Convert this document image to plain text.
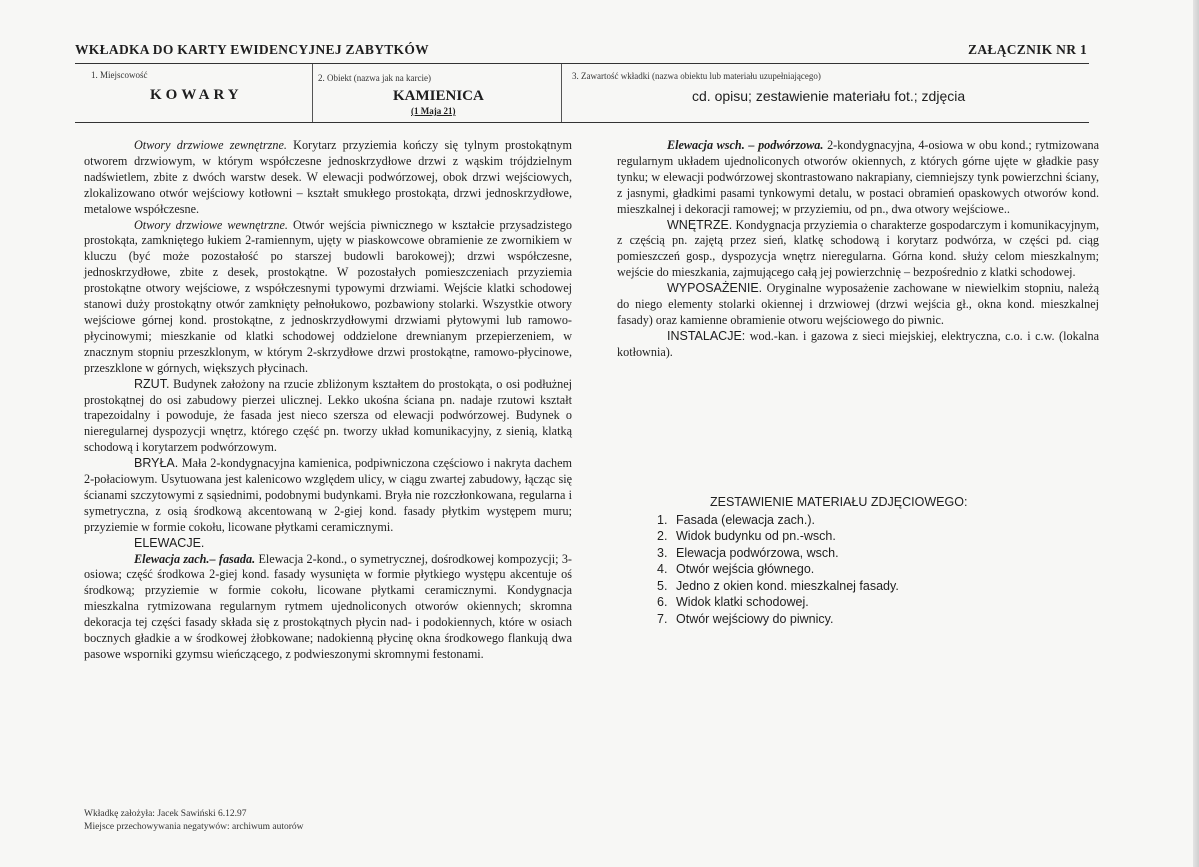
WKŁADKA DO KARTY EWIDENCYJNEJ ZABYTKÓW	ZAŁĄCZNIK NR 1
1. Miejscowość
KOWARY
2. Obiekt (nazwa jak na karcie)
KAMIENICA
(1 Maja 21)
3. Zawartość wkładki (nazwa obiektu lub materiału uzupełniającego)
cd. opisu; zestawienie materiału fot.; zdjęcia

Otwory drzwiowe zewnętrzne. Korytarz przyziemia kończy się tylnym prostokątnym otworem drzwiowym, w którym współczesne jednoskrzydłowe drzwi z wąskim trójdzielnym nadświetlem, zbite z dwóch warstw desek. W elewacji podwórzowej, obok drzwi wejściowych, zlokalizowano otwór wejściowy kotłowni – kształt smukłego prostokąta, drzwi jednoskrzydłowe, metalowe współczesne.

Otwory drzwiowe wewnętrzne. Otwór wejścia piwnicznego w kształcie przysadzistego prostokąta, zamkniętego łukiem 2-ramiennym, ujęty w piaskowcowe obramienie ze zwornikiem w kluczu (być może pozostałość po starszej budowli barokowej); drzwi współczesne, jednoskrzydłowe, zbite z desek, prostokątne. W pozostałych pomieszczeniach przyziemia prostokątne otwory wejściowe, z współczesnymi typowymi drzwiami. Wejście klatki schodowej stanowi duży prostokątny otwór zamknięty pełnołukowo, pozbawiony stolarki. Wszystkie otwory wejściowe górnej kond. prostokątne, z jednoskrzydłowymi drzwiami płytowymi lub ramowo-płycinowymi; mieszkanie od klatki schodowej oddzielone drewnianym przepierzeniem, w znacznym stopniu przeszklonym, w którym 2-skrzydłowe drzwi prostokątne, ramowo-płycinowe, przeszklone w górnych, większych płycinach.

RZUT. Budynek założony na rzucie zbliżonym kształtem do prostokąta, o osi podłużnej prostokątnej do osi zabudowy pierzei ulicznej. Lekko ukośna ściana pn. nadaje rzutowi kształt trapezoidalny i powoduje, że fasada jest nieco szersza od elewacji podwórzowej. Budynek o nieregularnej dyspozycji wnętrz, którego część pn. tworzy układ komunikacyjny, z sienią, klatką schodową i korytarzem podwórzowym.

BRYŁA. Mała 2-kondygnacyjna kamienica, podpiwniczona częściowo i nakryta dachem 2-połaciowym. Usytuowana jest kalenicowo względem ulicy, w ciągu zwartej zabudowy, łącząc się ścianami szczytowymi z sąsiednimi, podobnymi budynkami. Bryła nie rozczłonkowana, regularna i symetryczna, z osią środkową akcentowaną w 2-giej kond. fasady płytkim występem muru; przyziemie w formie cokołu, licowane płytkami ceramicznymi.

ELEWACJE.

Elewacja zach.– fasada. Elewacja 2-kond., o symetrycznej, dośrodkowej kompozycji; 3-osiowa; część środkowa 2-giej kond. fasady wysunięta w formie płytkiego występu akcentuje oś środkową; przyziemie w formie cokołu, licowane płytkami ceramicznymi. Kondygnacja mieszkalna rytmizowana regularnym rytmem ujednoliconych otworów okiennych; skromna dekoracja tej części fasady składa się z prostokątnych płycin nad- i podokiennych, które w osiach bocznych gładkie a w środkowej żłobkowane; nadokienną płycinę okna środkowego flankują dwa pasowe wsporniki gzymsu wieńczącego, z podwieszonymi skromnymi festonami.

Elewacja wsch. – podwórzowa. 2-kondygnacyjna, 4-osiowa w obu kond.; rytmizowana regularnym układem ujednoliconych otworów okiennych, z których górne ujęte w gładkie pasy tynku; w elewacji podwórzowej skontrastowano nakrapiany, ciemniejszy tynk powierzchni ściany, z jasnymi, gładkimi pasami tynkowymi detalu, w postaci obramień opaskowych otworów kond. mieszkalnej i dekoracji ramowej; w przyziemiu, od pn., dwa otwory wejściowe..

WNĘTRZE. Kondygnacja przyziemia o charakterze gospodarczym i komunikacyjnym, z częścią pn. zajętą przez sień, klatkę schodową i korytarz podwórza, w części pd. ciąg pomieszczeń gosp., dyspozycja wnętrz nieregularna. Górna kond. służy celom mieszkalnym; wejście do mieszkania, zajmującego całą jej powierzchnię – bezpośrednio z klatki schodowej.

WYPOSAŻENIE. Oryginalne wyposażenie zachowane w niewielkim stopniu, należą do niego elementy stolarki okiennej i drzwiowej (drzwi wejścia gł., okna kond. mieszkalnej fasady) oraz kamienne obramienie otworu wejściowego do piwnic.

INSTALACJE: wod.-kan. i gazowa z sieci miejskiej, elektryczna, c.o. i c.w. (lokalna kotłownia).

ZESTAWIENIE MATERIAŁU ZDJĘCIOWEGO:
1. Fasada (elewacja zach.).
2. Widok budynku od pn.-wsch.
3. Elewacja podwórzowa, wsch.
4. Otwór wejścia głównego.
5. Jedno z okien kond. mieszkalnej fasady.
6. Widok klatki schodowej.
7. Otwór wejściowy do piwnicy.
Wkładkę założyła: Jacek Sawiński 6.12.97
Miejsce przechowywania negatywów: archiwum autorów
